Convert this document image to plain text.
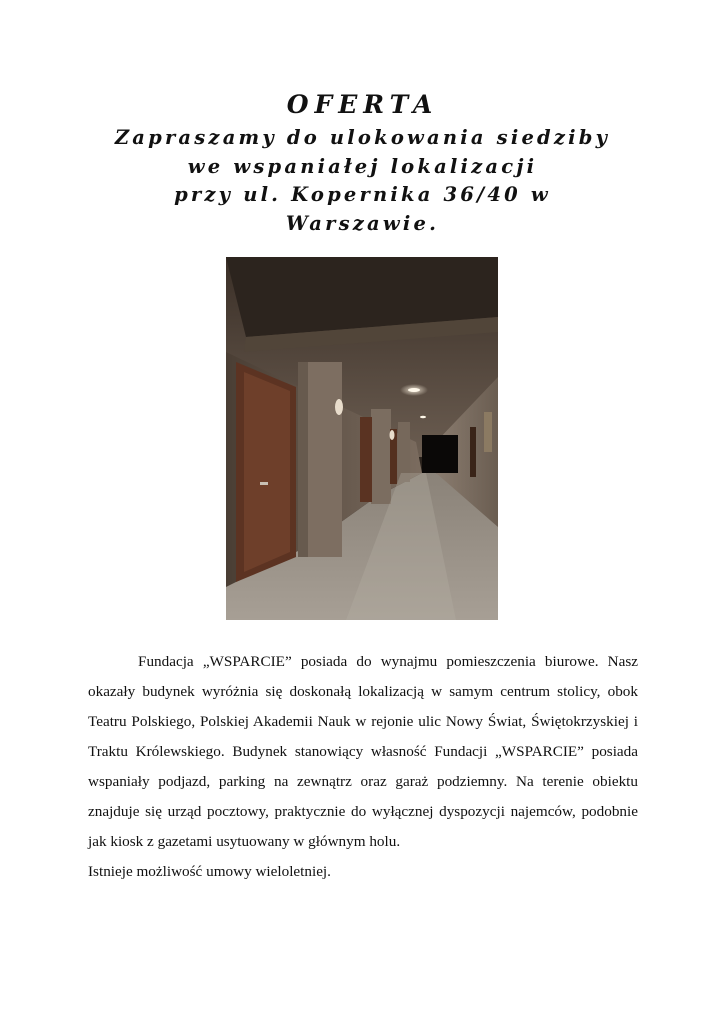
OFERTA
Zapraszamy do ulokowania siedziby
we wspaniałej lokalizacji
przy ul. Kopernika 36/40 w
Warszawie.

Fundacja „WSPARCIE” posiada do wynajmu pomieszczenia biurowe. Nasz okazały budynek wyróżnia się doskonałą lokalizacją w samym centrum stolicy, obok Teatru Polskiego, Polskiej Akademii Nauk w rejonie ulic Nowy Świat, Świętokrzyskiej i Traktu Królewskiego. Budynek stanowiący własność Fundacji „WSPARCIE” posiada wspaniały podjazd, parking na zewnątrz oraz garaż podziemny. Na terenie obiektu znajduje się urząd pocztowy, praktycznie do wyłącznej dyspozycji najemców, podobnie jak kiosk z gazetami usytuowany w głównym holu.

Istnieje możliwość umowy wieloletniej.
